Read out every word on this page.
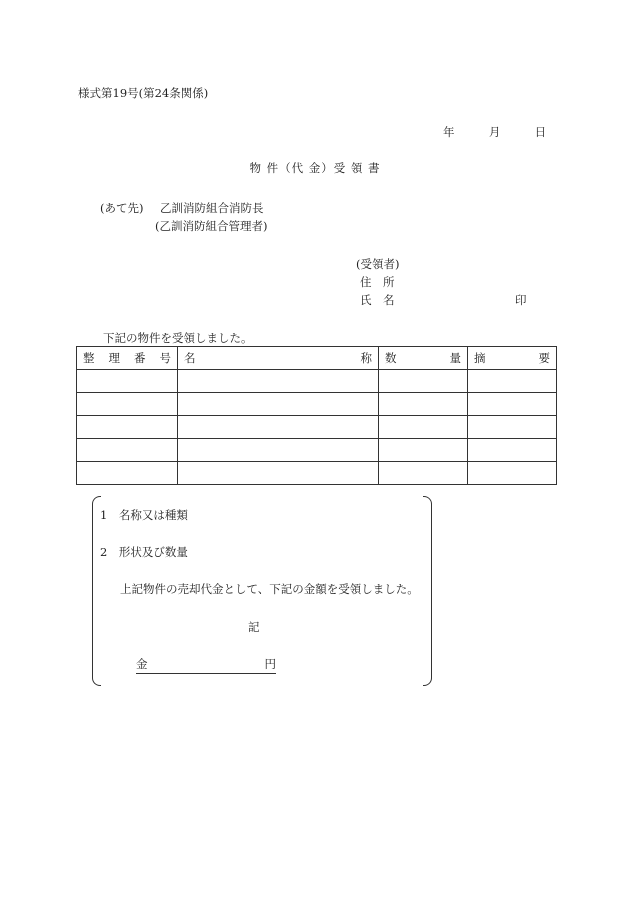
様式第19号(第24条関係)
年	月	日
物 件（代 金）受 領 書
(あて先) 乙訓消防組合消防長
(乙訓消防組合管理者)
(受領者)
住　所
氏　名	印
下記の物件を受領しました。
整 理 番 号	名 称	数 量	摘 要

1　名称又は種類
2　形状及び数量
上記物件の売却代金として、下記の金額を受領しました。
記
金	円
